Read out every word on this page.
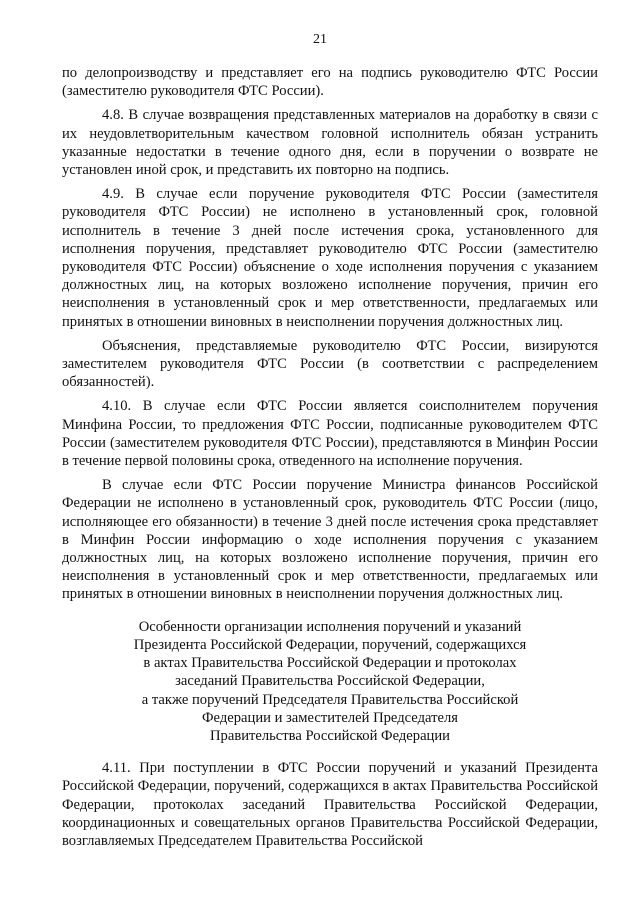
21

по делопроизводству и представляет его на подпись руководителю ФТС России (заместителю руководителя ФТС России).

4.8. В случае возвращения представленных материалов на доработку в связи с их неудовлетворительным качеством головной исполнитель обязан устранить указанные недостатки в течение одного дня, если в поручении о возврате не установлен иной срок, и представить их повторно на подпись.

4.9. В случае если поручение руководителя ФТС России (заместителя руководителя ФТС России) не исполнено в установленный срок, головной исполнитель в течение 3 дней после истечения срока, установленного для исполнения поручения, представляет руководителю ФТС России (заместителю руководителя ФТС России) объяснение о ходе исполнения поручения с указанием должностных лиц, на которых возложено исполнение поручения, причин его неисполнения в установленный срок и мер ответственности, предлагаемых или принятых в отношении виновных в неисполнении поручения должностных лиц.

Объяснения, представляемые руководителю ФТС России, визируются заместителем руководителя ФТС России (в соответствии с распределением обязанностей).

4.10. В случае если ФТС России является соисполнителем поручения Минфина России, то предложения ФТС России, подписанные руководителем ФТС России (заместителем руководителя ФТС России), представляются в Минфин России в течение первой половины срока, отведенного на исполнение поручения.

В случае если ФТС России поручение Министра финансов Российской Федерации не исполнено в установленный срок, руководитель ФТС России (лицо, исполняющее его обязанности) в течение 3 дней после истечения срока представляет в Минфин России информацию о ходе исполнения поручения с указанием должностных лиц, на которых возложено исполнение поручения, причин его неисполнения в установленный срок и мер ответственности, предлагаемых или принятых в отношении виновных в неисполнении поручения должностных лиц.

Особенности организации исполнения поручений и указаний
Президента Российской Федерации, поручений, содержащихся
в актах Правительства Российской Федерации и протоколах
заседаний Правительства Российской Федерации,
а также поручений Председателя Правительства Российской
Федерации и заместителей Председателя
Правительства Российской Федерации

4.11. При поступлении в ФТС России поручений и указаний Президента Российской Федерации, поручений, содержащихся в актах Правительства Российской Федерации, протоколах заседаний Правительства Российской Федерации, координационных и совещательных органов Правительства Российской Федерации, возглавляемых Председателем Правительства Российской
